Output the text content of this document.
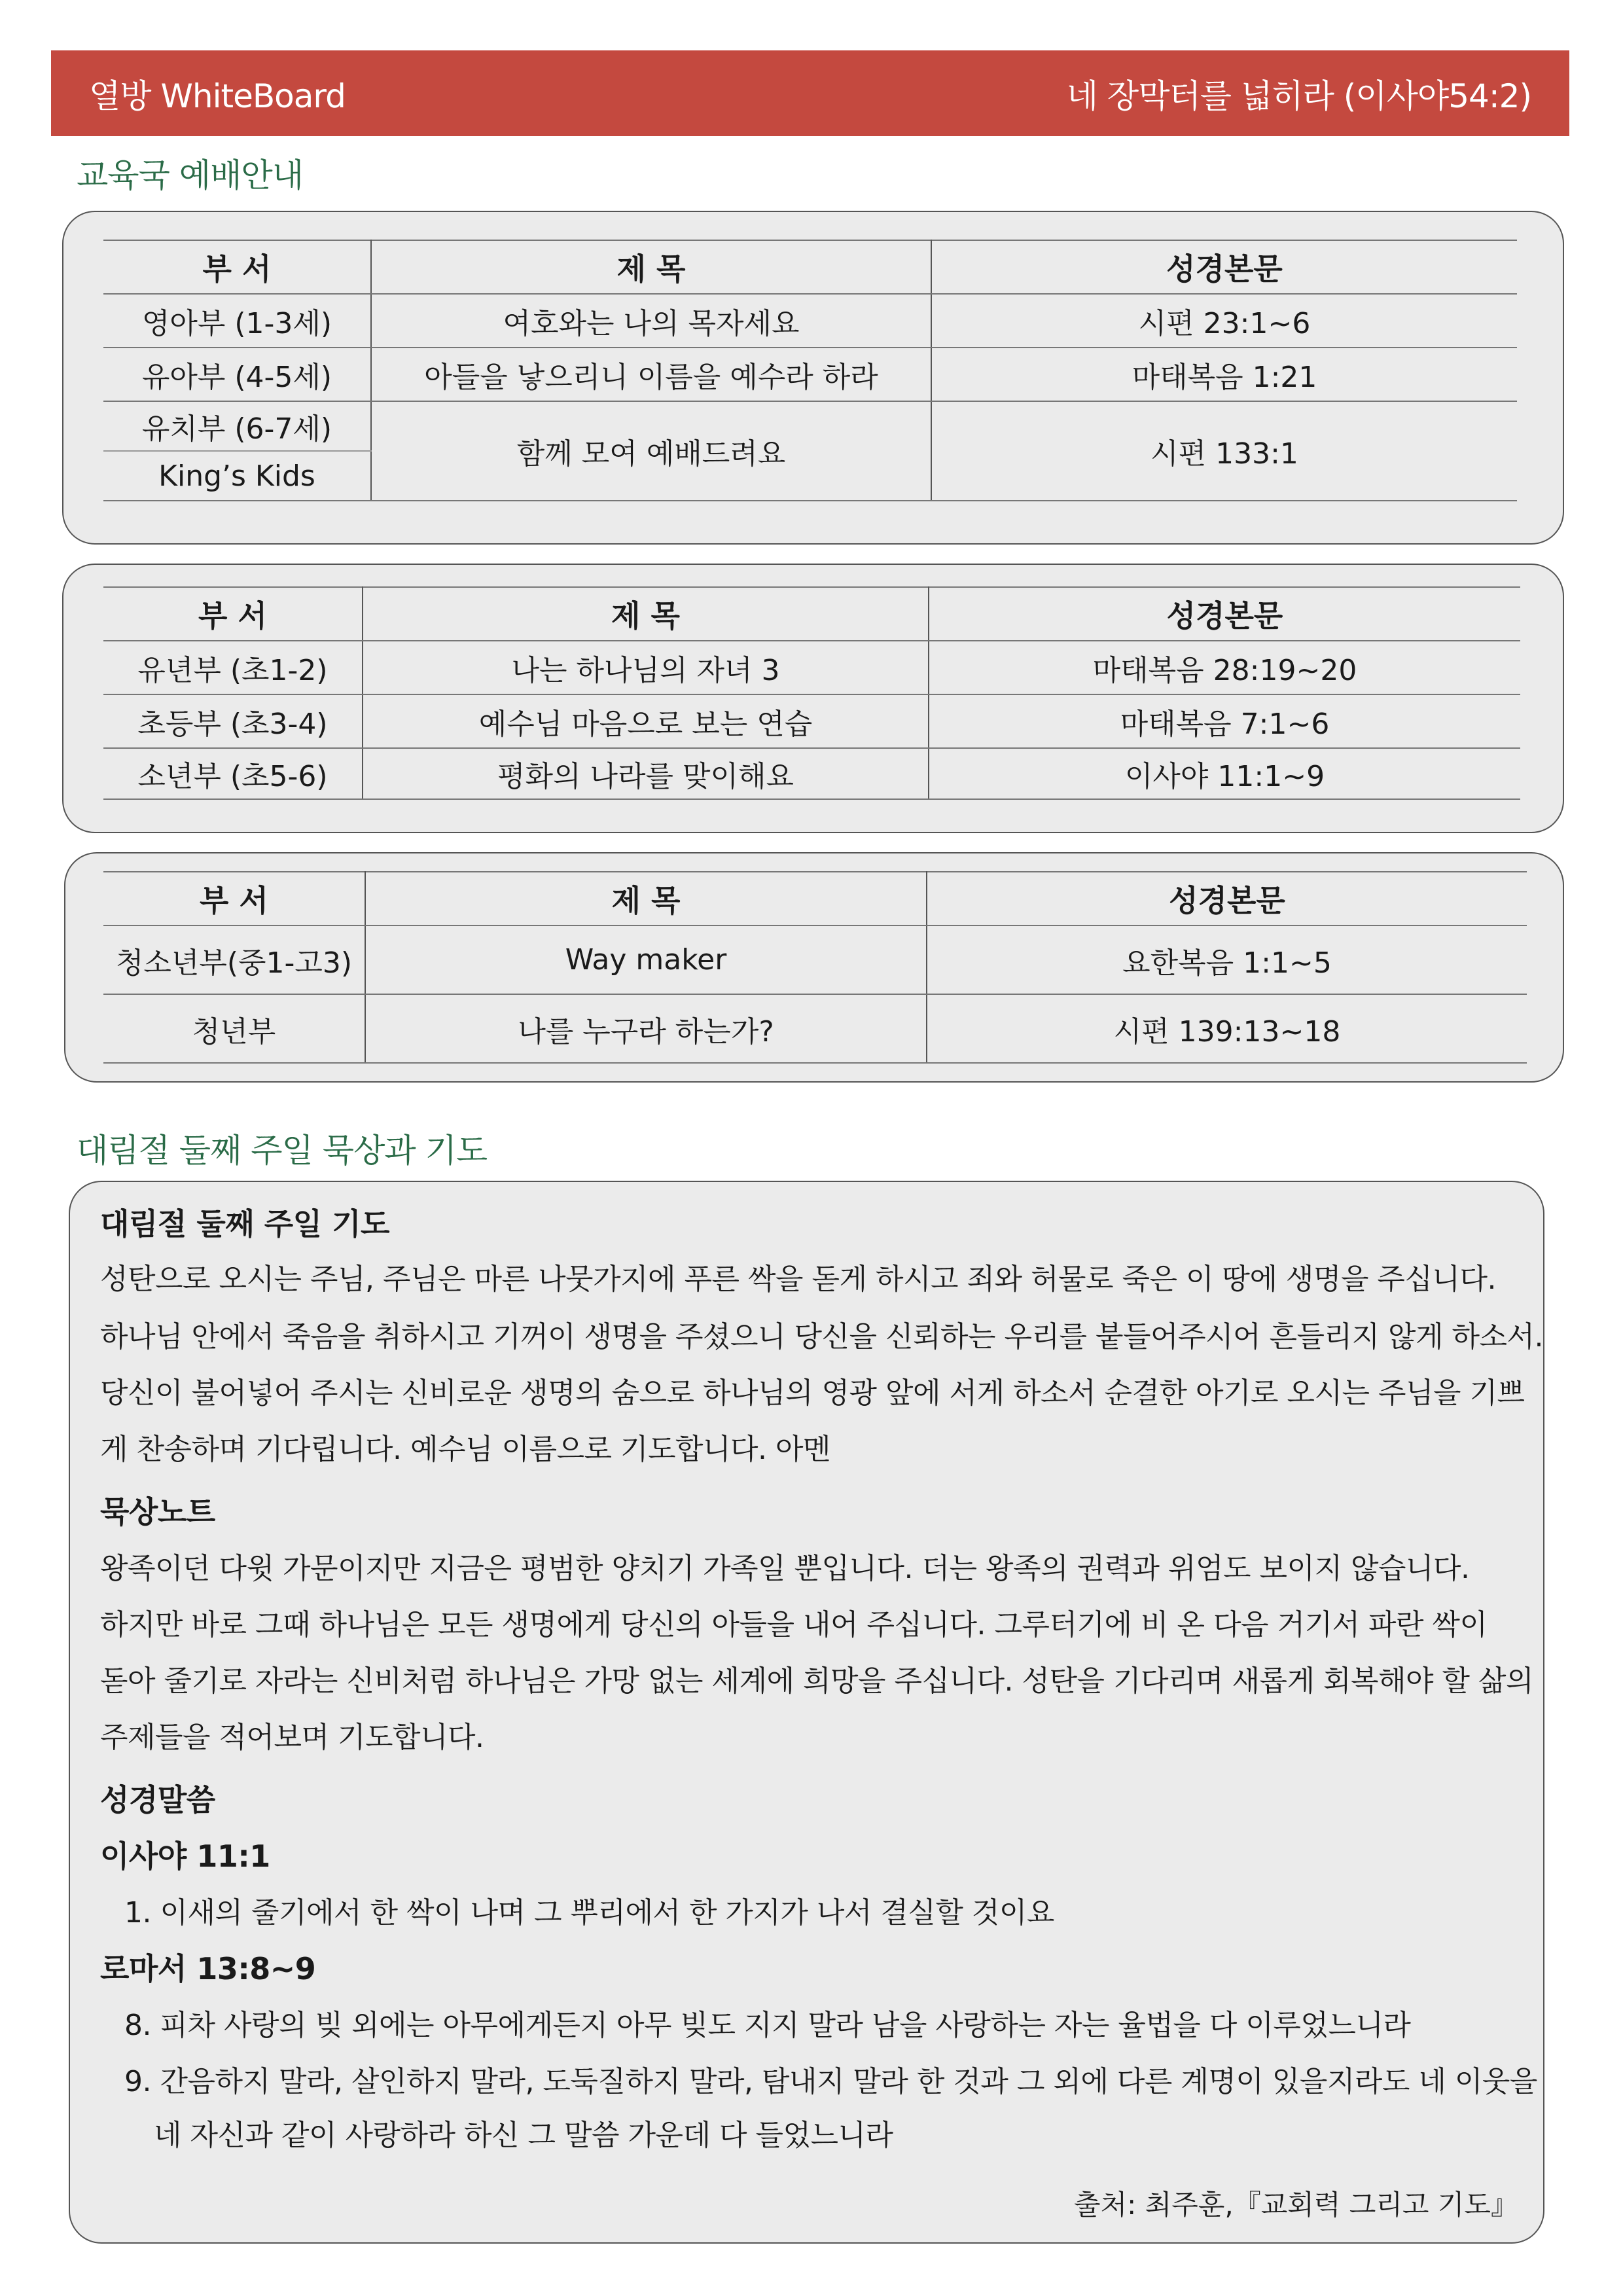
열방 WhiteBoard	네 장막터를 넓히라 (이사야54:2)
교육국 예배안내
부 서	제 목	성경본문
영아부 (1-3세)	여호와는 나의 목자세요	시편 23:1~6
유아부 (4-5세)	아들을 낳으리니 이름을 예수라 하라	마태복음 1:21
유치부 (6-7세)	함께 모여 예배드려요	시편 133:1
King’s Kids		
부 서	제 목	성경본문
유년부 (초1-2)	나는 하나님의 자녀 3	마태복음 28:19~20
초등부 (초3-4)	예수님 마음으로 보는 연습	마태복음 7:1~6
소년부 (초5-6)	평화의 나라를 맞이해요	이사야 11:1~9
부 서	제 목	성경본문
청소년부(중1-고3)	Way maker	요한복음 1:1~5
청년부	나를 누구라 하는가?	시편 139:13~18
대림절 둘째 주일 묵상과 기도
대림절 둘째 주일 기도
성탄으로 오시는 주님, 주님은 마른 나뭇가지에 푸른 싹을 돋게 하시고 죄와 허물로 죽은 이 땅에 생명을 주십니다.
하나님 안에서 죽음을 취하시고 기꺼이 생명을 주셨으니 당신을 신뢰하는 우리를 붙들어주시어 흔들리지 않게 하소서.
당신이 불어넣어 주시는 신비로운 생명의 숨으로 하나님의 영광 앞에 서게 하소서 순결한 아기로 오시는 주님을 기쁘
게 찬송하며 기다립니다. 예수님 이름으로 기도합니다. 아멘
묵상노트
왕족이던 다윗 가문이지만 지금은 평범한 양치기 가족일 뿐입니다. 더는 왕족의 권력과 위엄도 보이지 않습니다.
하지만 바로 그때 하나님은 모든 생명에게 당신의 아들을 내어 주십니다. 그루터기에 비 온 다음 거기서 파란 싹이
돋아 줄기로 자라는 신비처럼 하나님은 가망 없는 세계에 희망을 주십니다. 성탄을 기다리며 새롭게 회복해야 할 삶의
주제들을 적어보며 기도합니다.
성경말씀
이사야 11:1
1. 이새의 줄기에서 한 싹이 나며 그 뿌리에서 한 가지가 나서 결실할 것이요
로마서 13:8~9
8. 피차 사랑의 빚 외에는 아무에게든지 아무 빚도 지지 말라 남을 사랑하는 자는 율법을 다 이루었느니라
9. 간음하지 말라, 살인하지 말라, 도둑질하지 말라, 탐내지 말라 한 것과 그 외에 다른 계명이 있을지라도 네 이웃을
네 자신과 같이 사랑하라 하신 그 말씀 가운데 다 들었느니라
출처: 최주훈,『교회력 그리고 기도』
